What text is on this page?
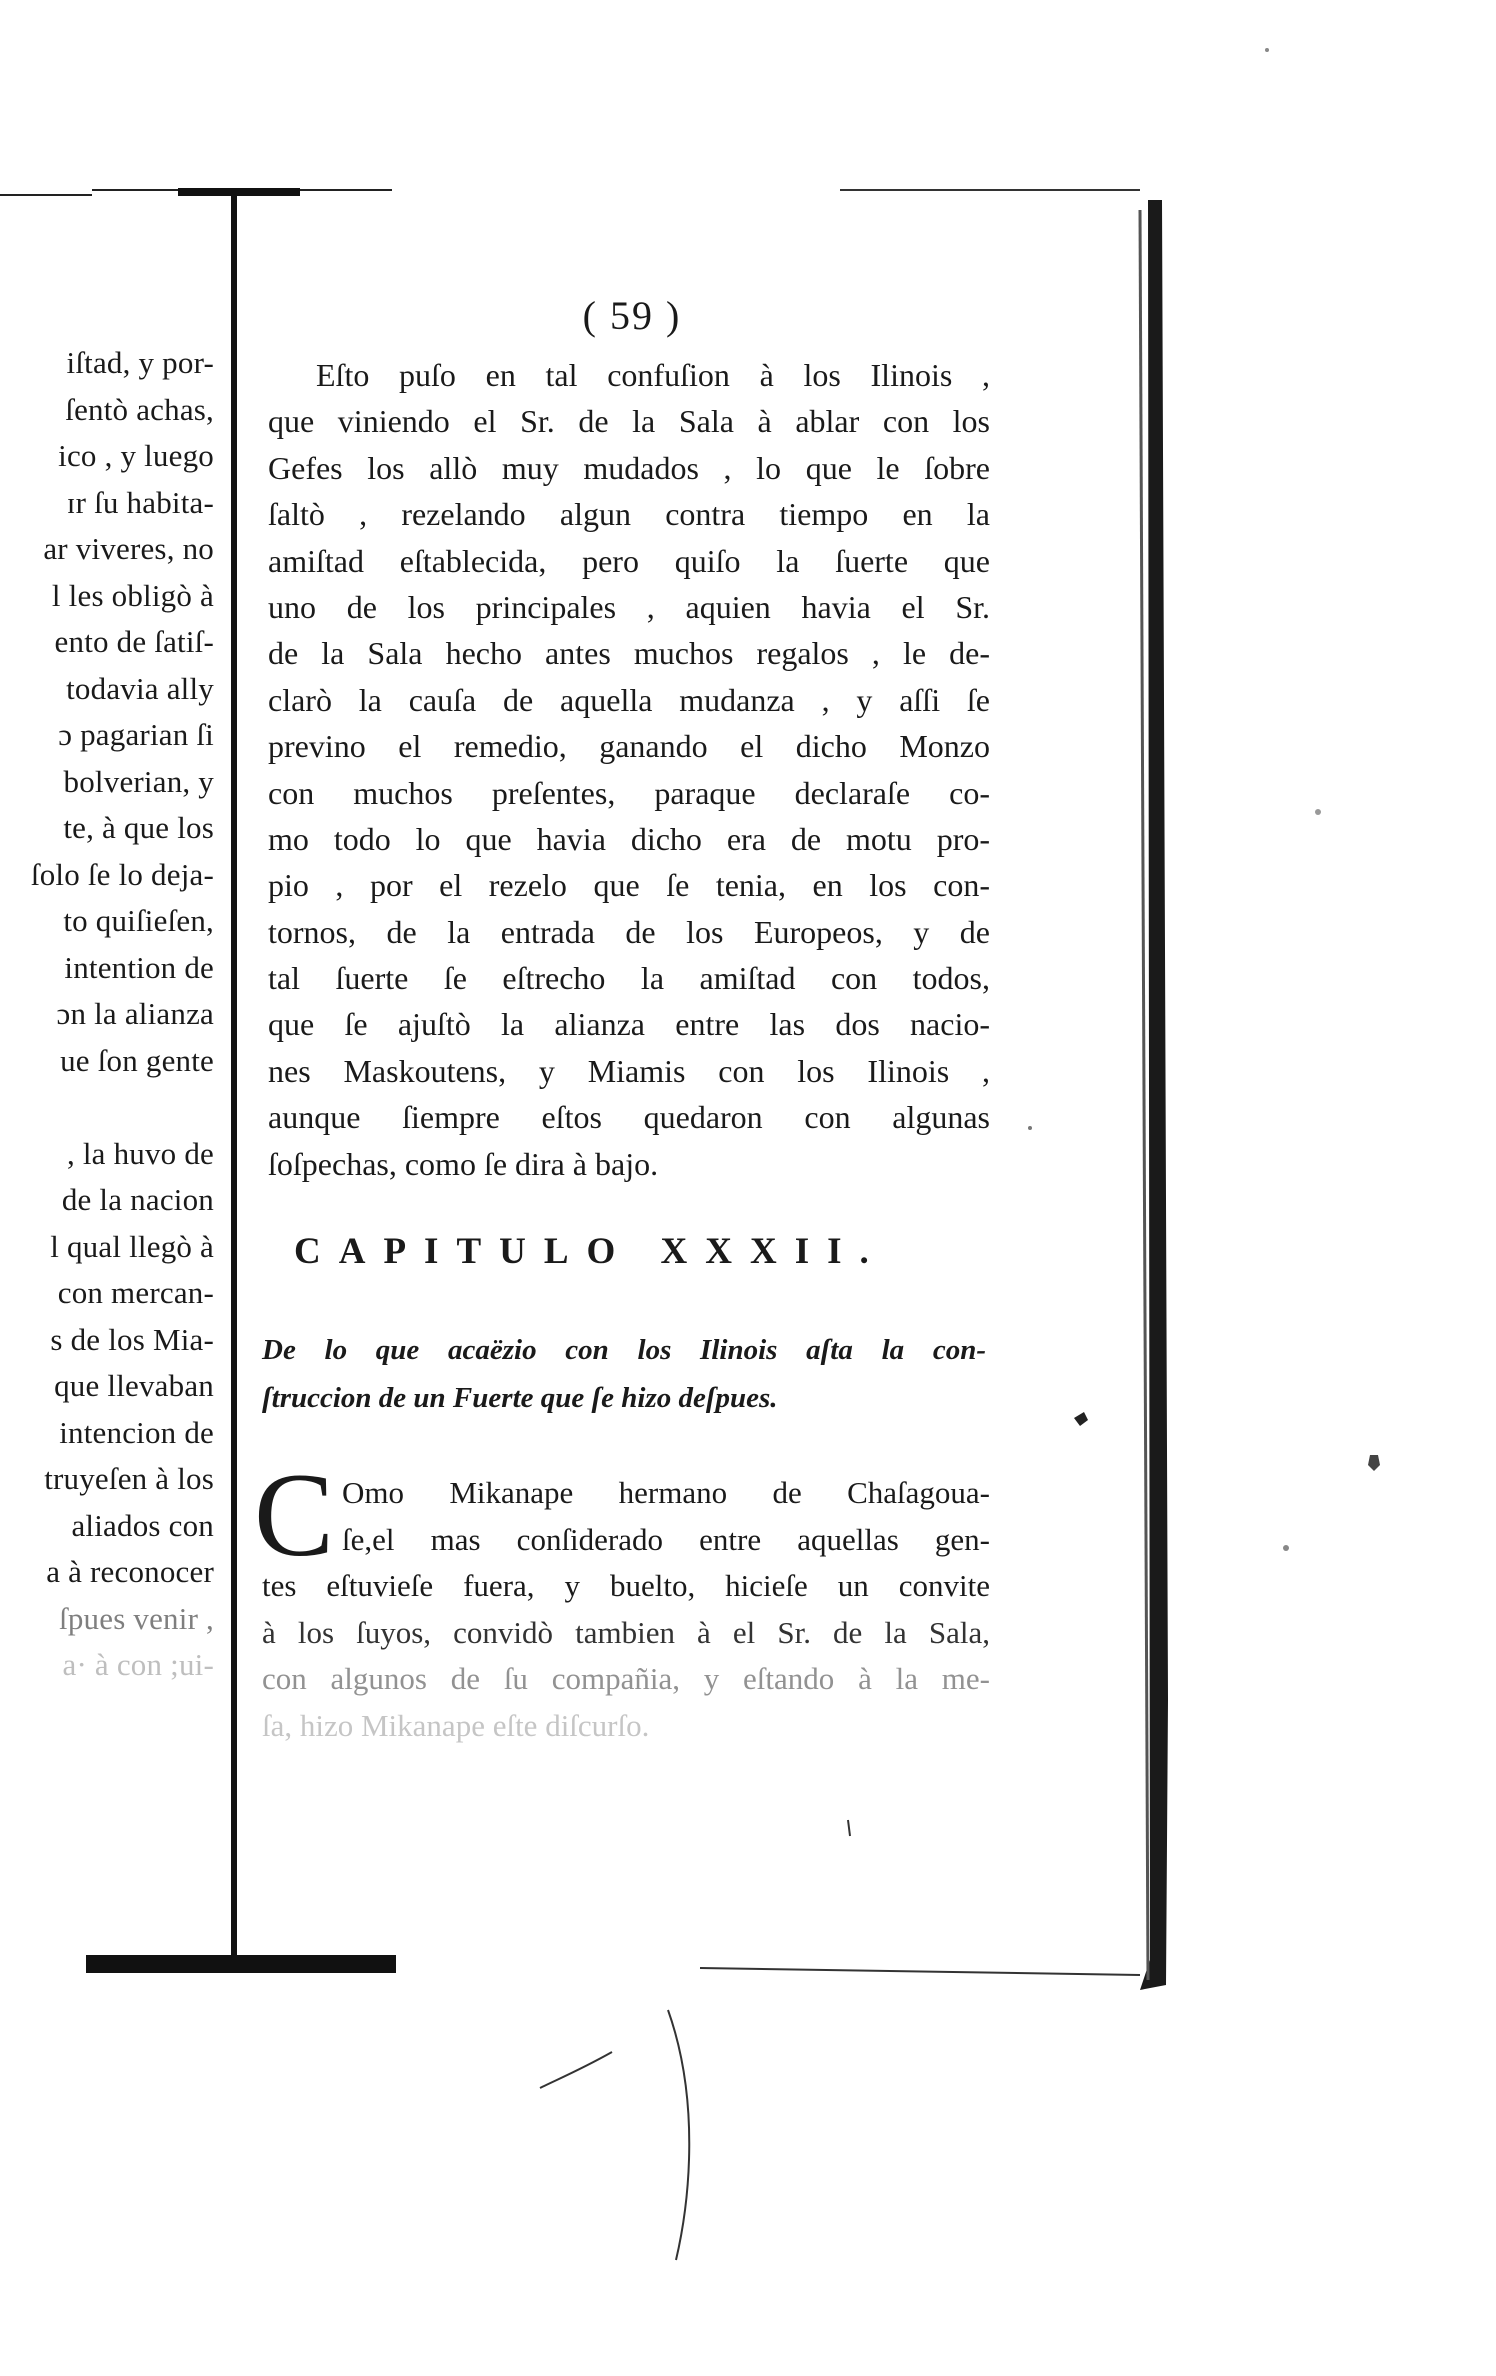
iſtad, y por-
ſentò achas,
ico , y luego
ɪr ſu habita-
ar viveres, no
l les obligò à
ento de ſatiſ-
todavia ally
ɔ pagarian ſi
bolverian, y
te, à que los
ſolo ſe lo deja-
to quiſieſen,
intention de
ɔn la alianza
ue ſon gente
, la huvo de
de la nacion
l qual llegò à
con mercan-
s de los Mia-
que llevaban
intencion de
truyeſen à los
aliados con
a à reconocer
ſpues venir ,
a· à con ;ui-
( 59 )
Eſto puſo en tal confuſion à los Ilinois ,
que viniendo el Sr. de la Sala à ablar con los
Gefes los allò muy mudados , lo que le ſobre
ſaltò , rezelando algun contra tiempo en la
amiſtad eſtablecida, pero quiſo la ſuerte que
uno de los principales , aquien havia el Sr.
de la Sala hecho antes muchos regalos , le de-
clarò la cauſa de aquella mudanza , y aſſi ſe
previno el remedio, ganando el dicho Monzo
con muchos preſentes, paraque declaraſe co-
mo todo lo que havia dicho era de motu pro-
pio , por el rezelo que ſe tenia, en los con-
tornos, de la entrada de los Europeos, y de
tal ſuerte ſe eſtrecho la amiſtad con todos,
que ſe ajuſtò la alianza entre las dos nacio-
nes Maskoutens, y Miamis con los Ilinois ,
aunque ſiempre eſtos quedaron con algunas
ſoſpechas, como ſe dira à bajo.
CAPITULO XXXII.
De lo que acaëzio con los Ilinois aſta la con-
ſtruccion de un Fuerte que ſe hizo deſpues.
C Omo Mikanape hermano de Chaſagoua-
ſe,el mas conſiderado entre aquellas gen-
tes eſtuvieſe fuera, y buelto, hicieſe un convite
à los ſuyos, convidò tambien à el Sr. de la Sala,
con algunos de ſu compañia, y eſtando à la me-
ſa, hizo Mikanape eſte diſcurſo.
